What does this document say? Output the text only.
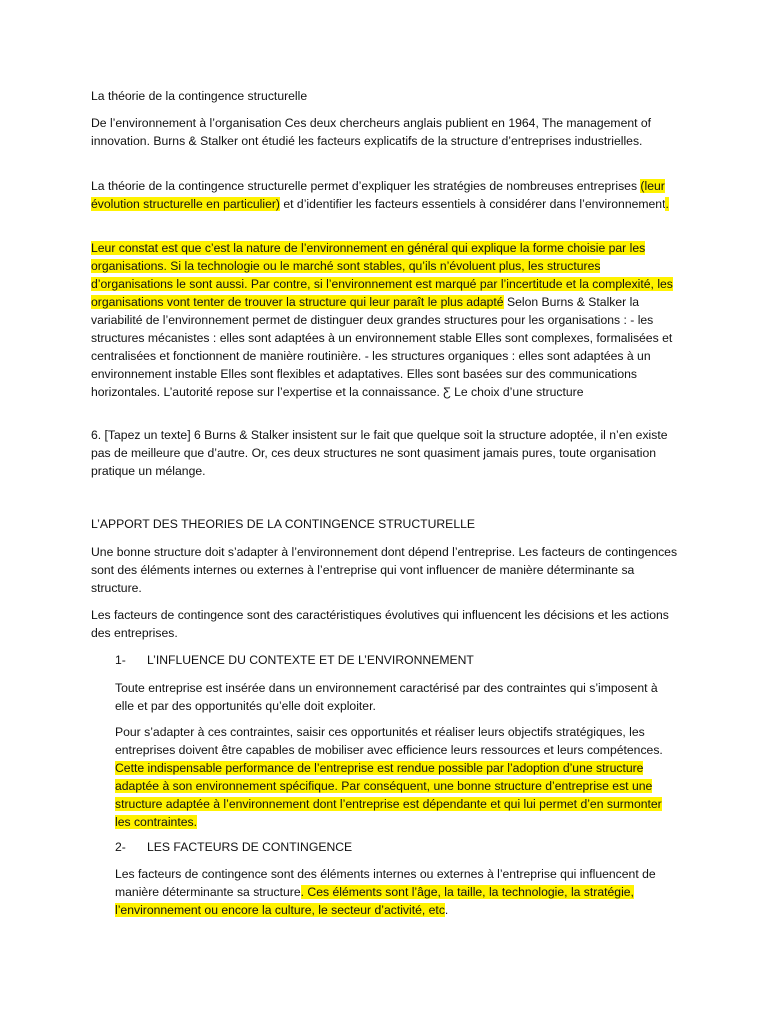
La théorie de la contingence structurelle

De l’environnement à l’organisation Ces deux chercheurs anglais publient en 1964, The management of innovation. Burns & Stalker ont étudié les facteurs explicatifs de la structure d’entreprises industrielles.

La théorie de la contingence structurelle permet d’expliquer les stratégies de nombreuses entreprises (leur évolution structurelle en particulier) et d’identifier les facteurs essentiels à considérer dans l’environnement.

Leur constat est que c’est la nature de l’environnement en général qui explique la forme choisie par les organisations. Si la technologie ou le marché sont stables, qu’ils n’évoluent plus, les structures d’organisations le sont aussi. Par contre, si l’environnement est marqué par l’incertitude et la complexité, les organisations vont tenter de trouver la structure qui leur paraît le plus adapté Selon Burns & Stalker la variabilité de l’environnement permet de distinguer deux grandes structures pour les organisations : - les structures mécanistes : elles sont adaptées à un environnement stable Elles sont complexes, formalisées et centralisées et fonctionnent de manière routinière. - les structures organiques : elles sont adaptées à un environnement instable Elles sont flexibles et adaptatives. Elles sont basées sur des communications horizontales. L’autorité repose sur l’expertise et la connaissance. Ƹ Le choix d’une structure

6. [Tapez un texte] 6 Burns & Stalker insistent sur le fait que quelque soit la structure adoptée, il n’en existe pas de meilleure que d’autre. Or, ces deux structures ne sont quasiment jamais pures, toute organisation pratique un mélange.

L’APPORT DES THEORIES DE LA CONTINGENCE STRUCTURELLE

Une bonne structure doit s’adapter à l’environnement dont dépend l’entreprise. Les facteurs de contingences sont des éléments internes ou externes à l’entreprise qui vont influencer de manière déterminante sa structure.

Les facteurs de contingence sont des caractéristiques évolutives qui influencent les décisions et les actions des entreprises.

1- L’INFLUENCE DU CONTEXTE ET DE L’ENVIRONNEMENT

Toute entreprise est insérée dans un environnement caractérisé par des contraintes qui s’imposent à elle et par des opportunités qu’elle doit exploiter.

Pour s’adapter à ces contraintes, saisir ces opportunités et réaliser leurs objectifs stratégiques, les entreprises doivent être capables de mobiliser avec efficience leurs ressources et leurs compétences. Cette indispensable performance de l’entreprise est rendue possible par l’adoption d’une structure adaptée à son environnement spécifique. Par conséquent, une bonne structure d’entreprise est une structure adaptée à l’environnement dont l’entreprise est dépendante et qui lui permet d’en surmonter les contraintes.

2- LES FACTEURS DE CONTINGENCE

Les facteurs de contingence sont des éléments internes ou externes à l’entreprise qui influencent de manière déterminante sa structure. Ces éléments sont l’âge, la taille, la technologie, la stratégie, l’environnement ou encore la culture, le secteur d’activité, etc.
